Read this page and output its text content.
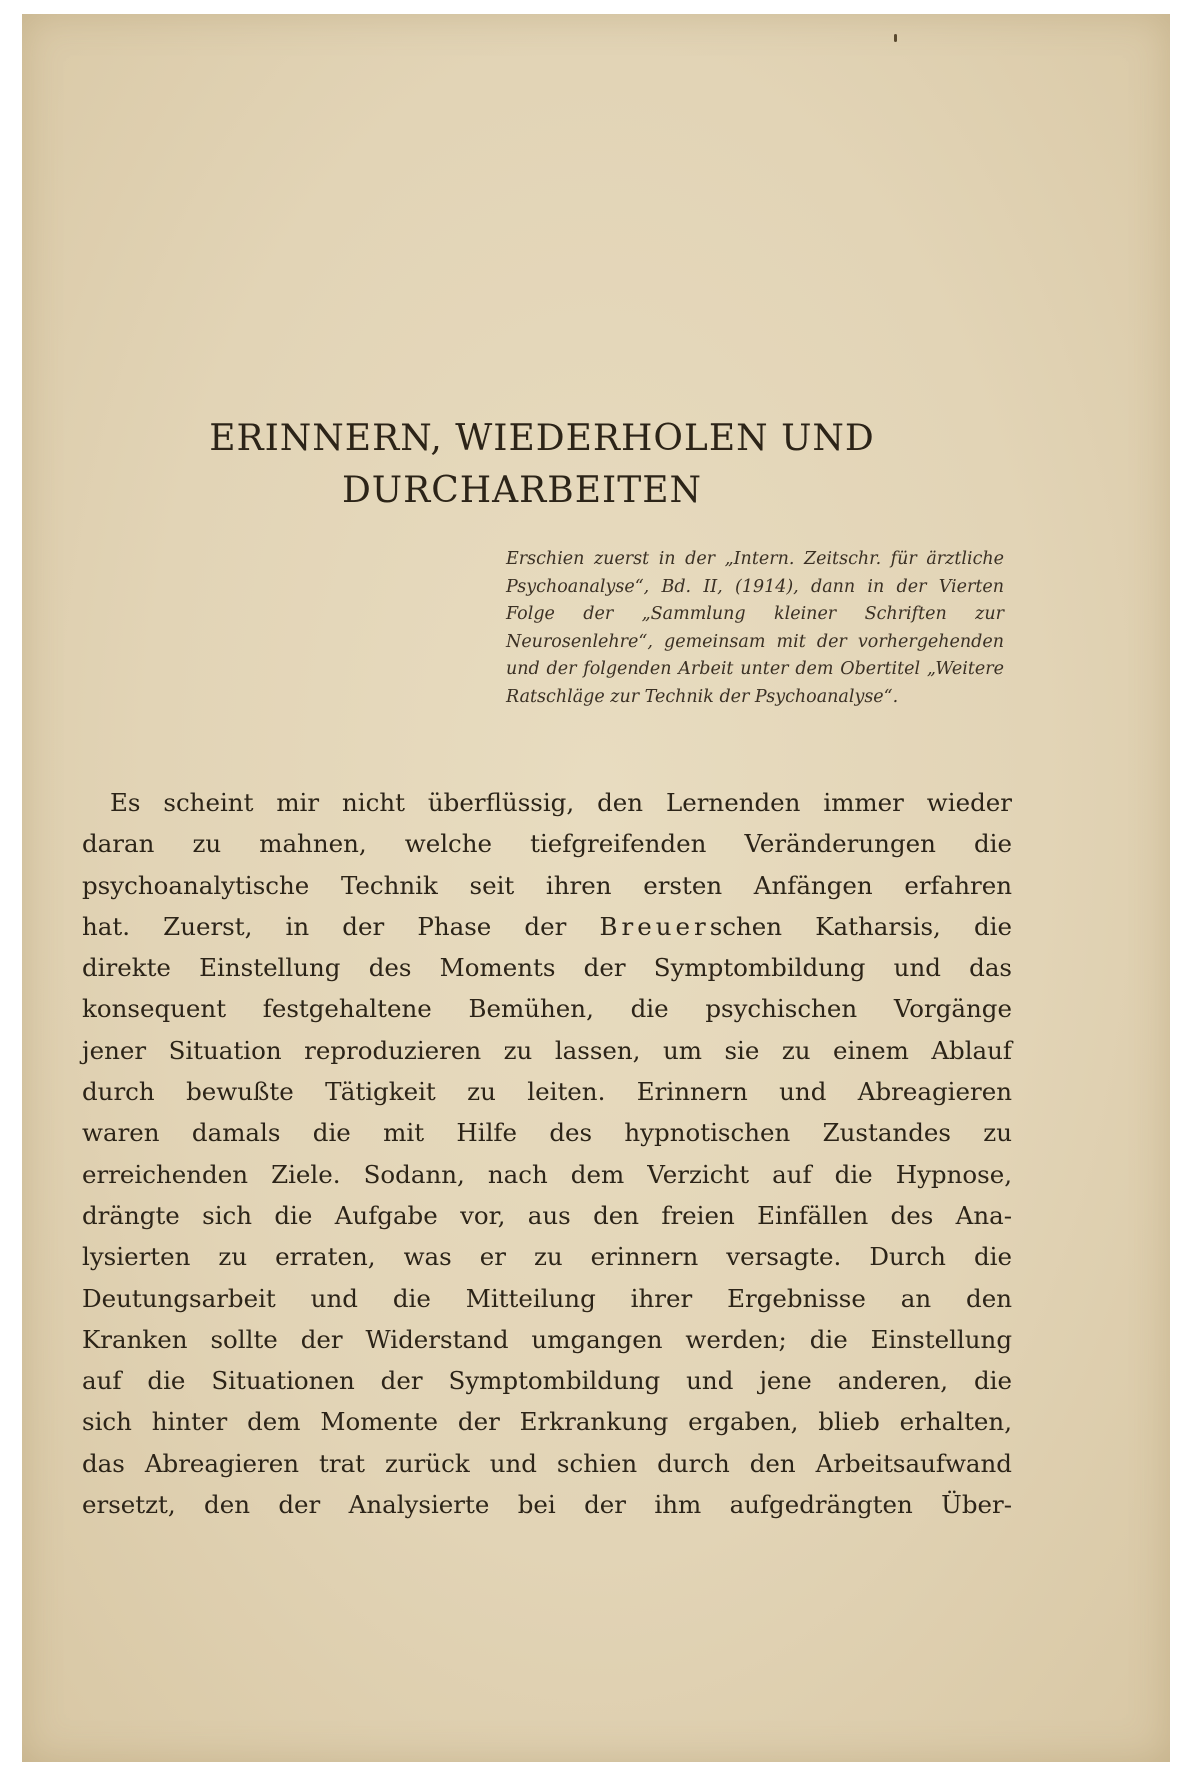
ERINNERN, WIEDERHOLEN UND
DURCHARBEITEN
Erschien zuerst in der „Intern. Zeitschr. für ärztliche Psychoanalyse“, Bd. II, (1914), dann in der Vierten Folge der „Sammlung kleiner Schriften zur Neurosenlehre“, gemeinsam mit der vorhergehenden und der folgenden Arbeit unter dem Obertitel „Weitere Ratschläge zur Technik der Psychoanalyse“.
Es scheint mir nicht überflüssig, den Lernenden immer wieder
daran zu mahnen, welche tiefgreifenden Veränderungen die
psychoanalytische Technik seit ihren ersten Anfängen erfahren
hat. Zuerst, in der Phase der Breuerschen Katharsis, die
direkte Einstellung des Moments der Symptombildung und das
konsequent festgehaltene Bemühen, die psychischen Vorgänge
jener Situation reproduzieren zu lassen, um sie zu einem Ablauf
durch bewußte Tätigkeit zu leiten. Erinnern und Abreagieren
waren damals die mit Hilfe des hypnotischen Zustandes zu
erreichenden Ziele. Sodann, nach dem Verzicht auf die Hypnose,
drängte sich die Aufgabe vor, aus den freien Einfällen des Ana-
lysierten zu erraten, was er zu erinnern versagte. Durch die
Deutungsarbeit und die Mitteilung ihrer Ergebnisse an den
Kranken sollte der Widerstand umgangen werden; die Einstellung
auf die Situationen der Symptombildung und jene anderen, die
sich hinter dem Momente der Erkrankung ergaben, blieb erhalten,
das Abreagieren trat zurück und schien durch den Arbeitsaufwand
ersetzt, den der Analysierte bei der ihm aufgedrängten Über-
